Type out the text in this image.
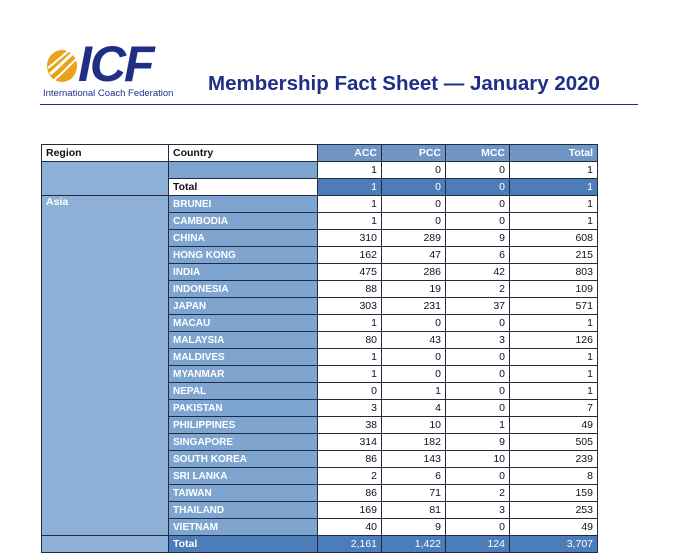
ICF
International Coach Federation Membership Fact Sheet — January 2020
Region	Country	ACC	PCC	MCC	Total
		1	0	0	1
	Total	1	0	0	1
Asia	BRUNEI	1	0	0	1
	CAMBODIA	1	0	0	1
	CHINA	310	289	9	608
	HONG KONG	162	47	6	215
	INDIA	475	286	42	803
	INDONESIA	88	19	2	109
	JAPAN	303	231	37	571
	MACAU	1	0	0	1
	MALAYSIA	80	43	3	126
	MALDIVES	1	0	0	1
	MYANMAR	1	0	0	1
	NEPAL	0	1	0	1
	PAKISTAN	3	4	0	7
	PHILIPPINES	38	10	1	49
	SINGAPORE	314	182	9	505
	SOUTH KOREA	86	143	10	239
	SRI LANKA	2	6	0	8
	TAIWAN	86	71	2	159
	THAILAND	169	81	3	253
	VIETNAM	40	9	0	49
	Total	2,161	1,422	124	3,707
